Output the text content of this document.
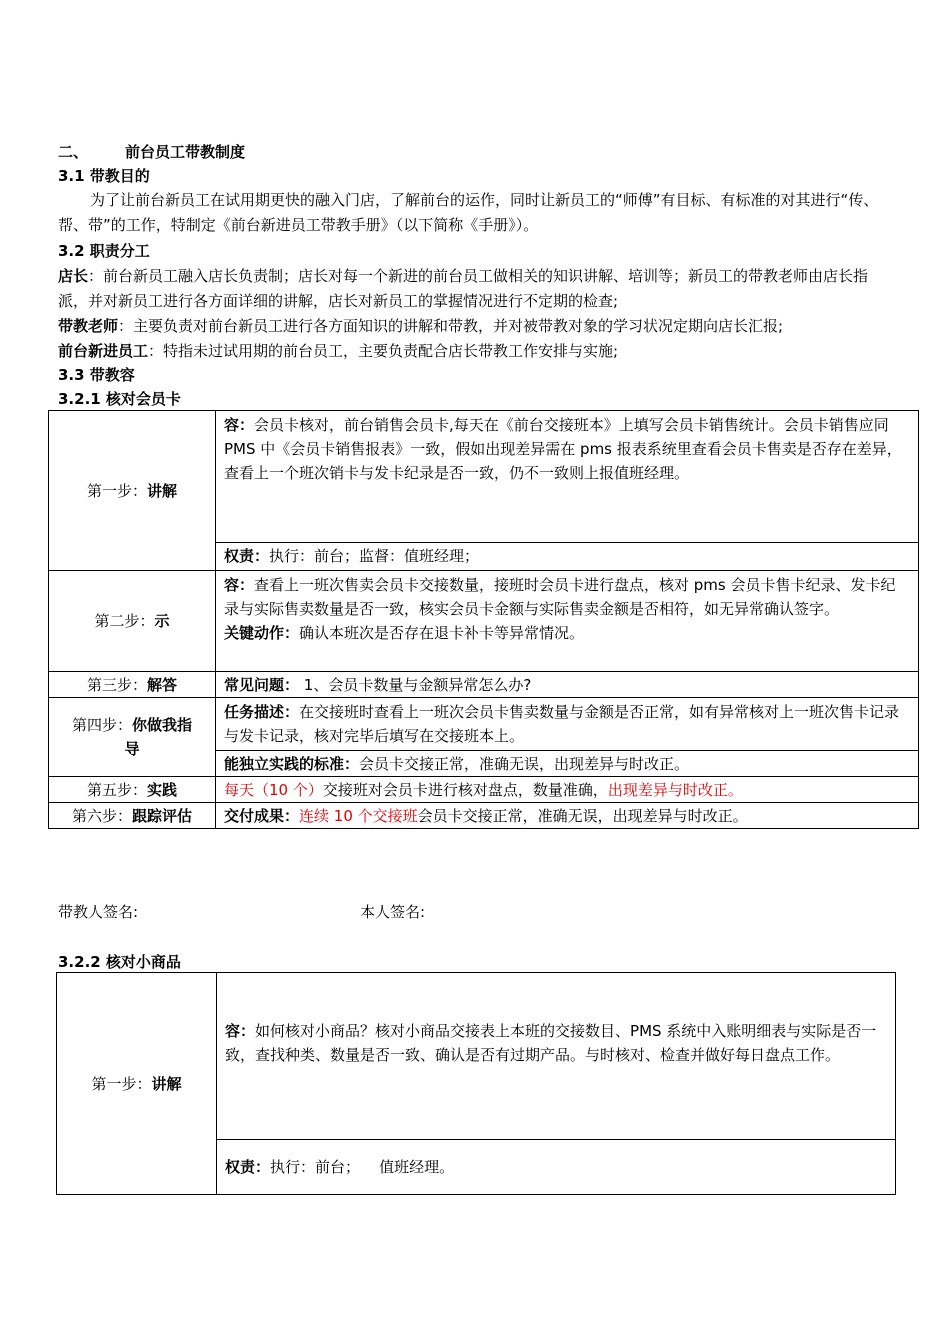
二、 前台员工带教制度
3.1 带教目的
为了让前台新员工在试用期更快的融入门店，了解前台的运作，同时让新员工的“师傅”有目标、有标准的对其进行“传、帮、带”的工作，特制定《前台新进员工带教手册》（以下简称《手册》）。
3.2 职责分工
店长：前台新员工融入店长负责制；店长对每一个新进的前台员工做相关的知识讲解、培训等；新员工的带教老师由店长指派，并对新员工进行各方面详细的讲解，店长对新员工的掌握情况进行不定期的检查;
带教老师：主要负责对前台新员工进行各方面知识的讲解和带教，并对被带教对象的学习状况定期向店长汇报;
前台新进员工：特指未过试用期的前台员工，主要负责配合店长带教工作安排与实施;
3.3 带教容
3.2.1 核对会员卡
第一步：讲解	容：会员卡核对，前台销售会员卡,每天在《前台交接班本》上填写会员卡销售统计。会员卡销售应同 PMS 中《会员卡销售报表》一致，假如出现差异需在 pms 报表系统里查看会员卡售卖是否存在差异，查看上一个班次销卡与发卡纪录是否一致，仍不一致则上报值班经理。
	权责：执行：前台；监督：值班经理；
第二步：示	容：查看上一班次售卖会员卡交接数量，接班时会员卡进行盘点，核对 pms 会员卡售卡纪录、发卡纪录与实际售卖数量是否一致，核实会员卡金额与实际售卖金额是否相符，如无异常确认签字。
关键动作：确认本班次是否存在退卡补卡等异常情况。

第三步：解答	常见问题： 1、会员卡数量与金额异常怎么办?
第四步：你做我指导	任务描述：在交接班时查看上一班次会员卡售卖数量与金额是否正常，如有异常核对上一班次售卡记录与发卡记录，核对完毕后填写在交接班本上。
	能独立实践的标准：会员卡交接正常，准确无误，出现差异与时改正。
第五步：实践	每天（10 个）交接班对会员卡进行核对盘点，数量准确，出现差异与时改正。
第六步：跟踪评估	交付成果：连续 10 个交接班会员卡交接正常，准确无误，出现差异与时改正。
带教人签名:	本人签名:
3.2.2 核对小商品
第一步：讲解	容：如何核对小商品？核对小商品交接表上本班的交接数目、PMS 系统中入账明细表与实际是否一致，查找种类、数量是否一致、确认是否有过期产品。与时核对、检查并做好每日盘点工作。
权责：执行：前台；    值班经理。
